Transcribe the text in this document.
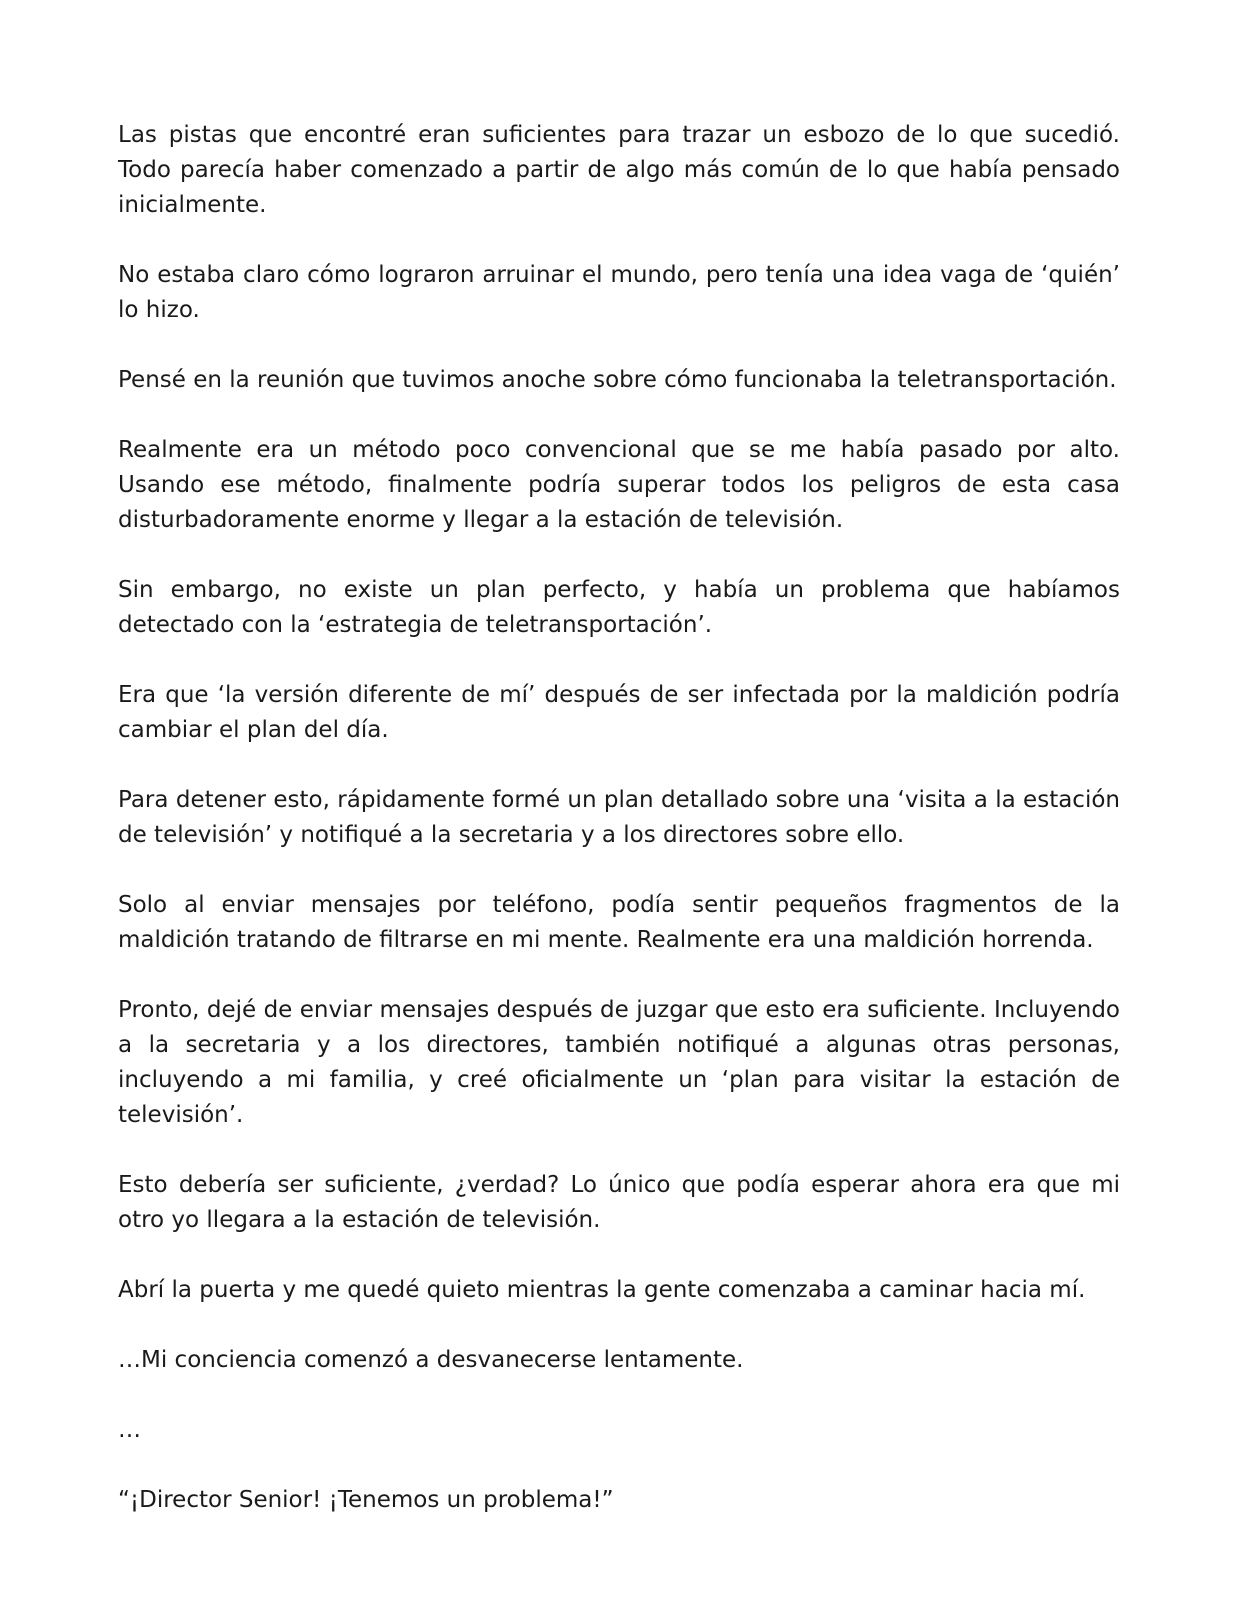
Las pistas que encontré eran suficientes para trazar un esbozo de lo que sucedió. Todo parecía haber comenzado a partir de algo más común de lo que había pensado inicialmente.

No estaba claro cómo lograron arruinar el mundo, pero tenía una idea vaga de ‘quién’ lo hizo.

Pensé en la reunión que tuvimos anoche sobre cómo funcionaba la teletransportación.

Realmente era un método poco convencional que se me había pasado por alto. Usando ese método, finalmente podría superar todos los peligros de esta casa disturbadoramente enorme y llegar a la estación de televisión.

Sin embargo, no existe un plan perfecto, y había un problema que habíamos detectado con la ‘estrategia de teletransportación’.

Era que ‘la versión diferente de mí’ después de ser infectada por la maldición podría cambiar el plan del día.

Para detener esto, rápidamente formé un plan detallado sobre una ‘visita a la estación de televisión’ y notifiqué a la secretaria y a los directores sobre ello.

Solo al enviar mensajes por teléfono, podía sentir pequeños fragmentos de la maldición tratando de filtrarse en mi mente. Realmente era una maldición horrenda.

Pronto, dejé de enviar mensajes después de juzgar que esto era suficiente. Incluyendo a la secretaria y a los directores, también notifiqué a algunas otras personas, incluyendo a mi familia, y creé oficialmente un ‘plan para visitar la estación de televisión’.

Esto debería ser suficiente, ¿verdad? Lo único que podía esperar ahora era que mi otro yo llegara a la estación de televisión.

Abrí la puerta y me quedé quieto mientras la gente comenzaba a caminar hacia mí.

…Mi conciencia comenzó a desvanecerse lentamente.

…

“¡Director Senior! ¡Tenemos un problema!”
